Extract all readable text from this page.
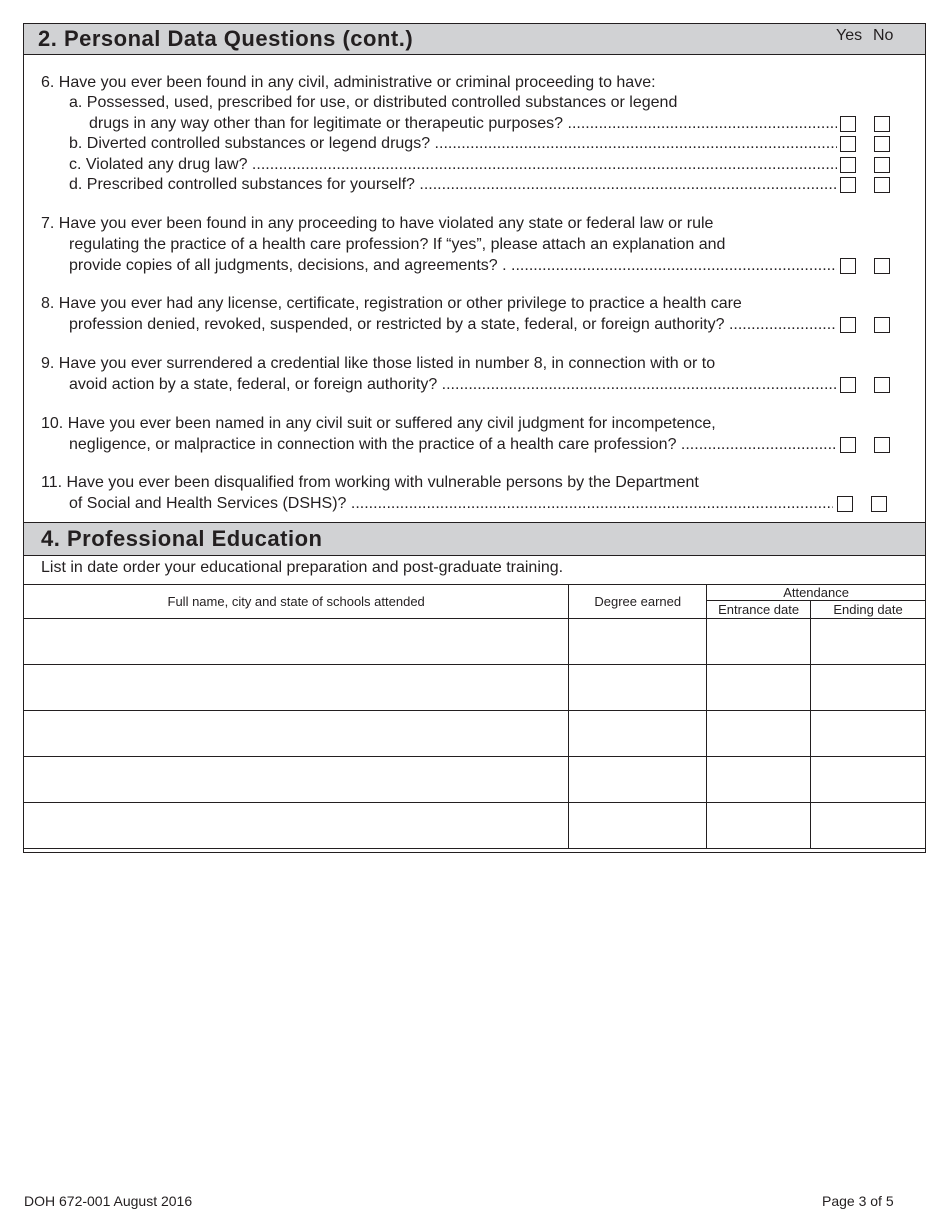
2. Personal Data Questions (cont.)	Yes No
6. Have you ever been found in any civil, administrative or criminal proceeding to have:
a. Possessed, used, prescribed for use, or distributed controlled substances or legend
drugs in any way other than for legitimate or therapeutic purposes? .....
b. Diverted controlled substances or legend drugs? .....
c. Violated any drug law? .....
d. Prescribed controlled substances for yourself? .....
7. Have you ever been found in any proceeding to have violated any state or federal law or rule
regulating the practice of a health care profession? If “yes”, please attach an explanation and
provide copies of all judgments, decisions, and agreements? . .....
8. Have you ever had any license, certificate, registration or other privilege to practice a health care
profession denied, revoked, suspended, or restricted by a state, federal, or foreign authority? .....
9. Have you ever surrendered a credential like those listed in number 8, in connection with or to
avoid action by a state, federal, or foreign authority? .....
10. Have you ever been named in any civil suit or suffered any civil judgment for incompetence,
negligence, or malpractice in connection with the practice of a health care profession? .....
11. Have you ever been disqualified from working with vulnerable persons by the Department
of Social and Health Services (DSHS)? .....
4. Professional Education
List in date order your educational preparation and post-graduate training.
Full name, city and state of schools attended	Degree earned	Attendance	
		Entrance date	Ending date

DOH 672-001 August 2016	Page 3 of 5
